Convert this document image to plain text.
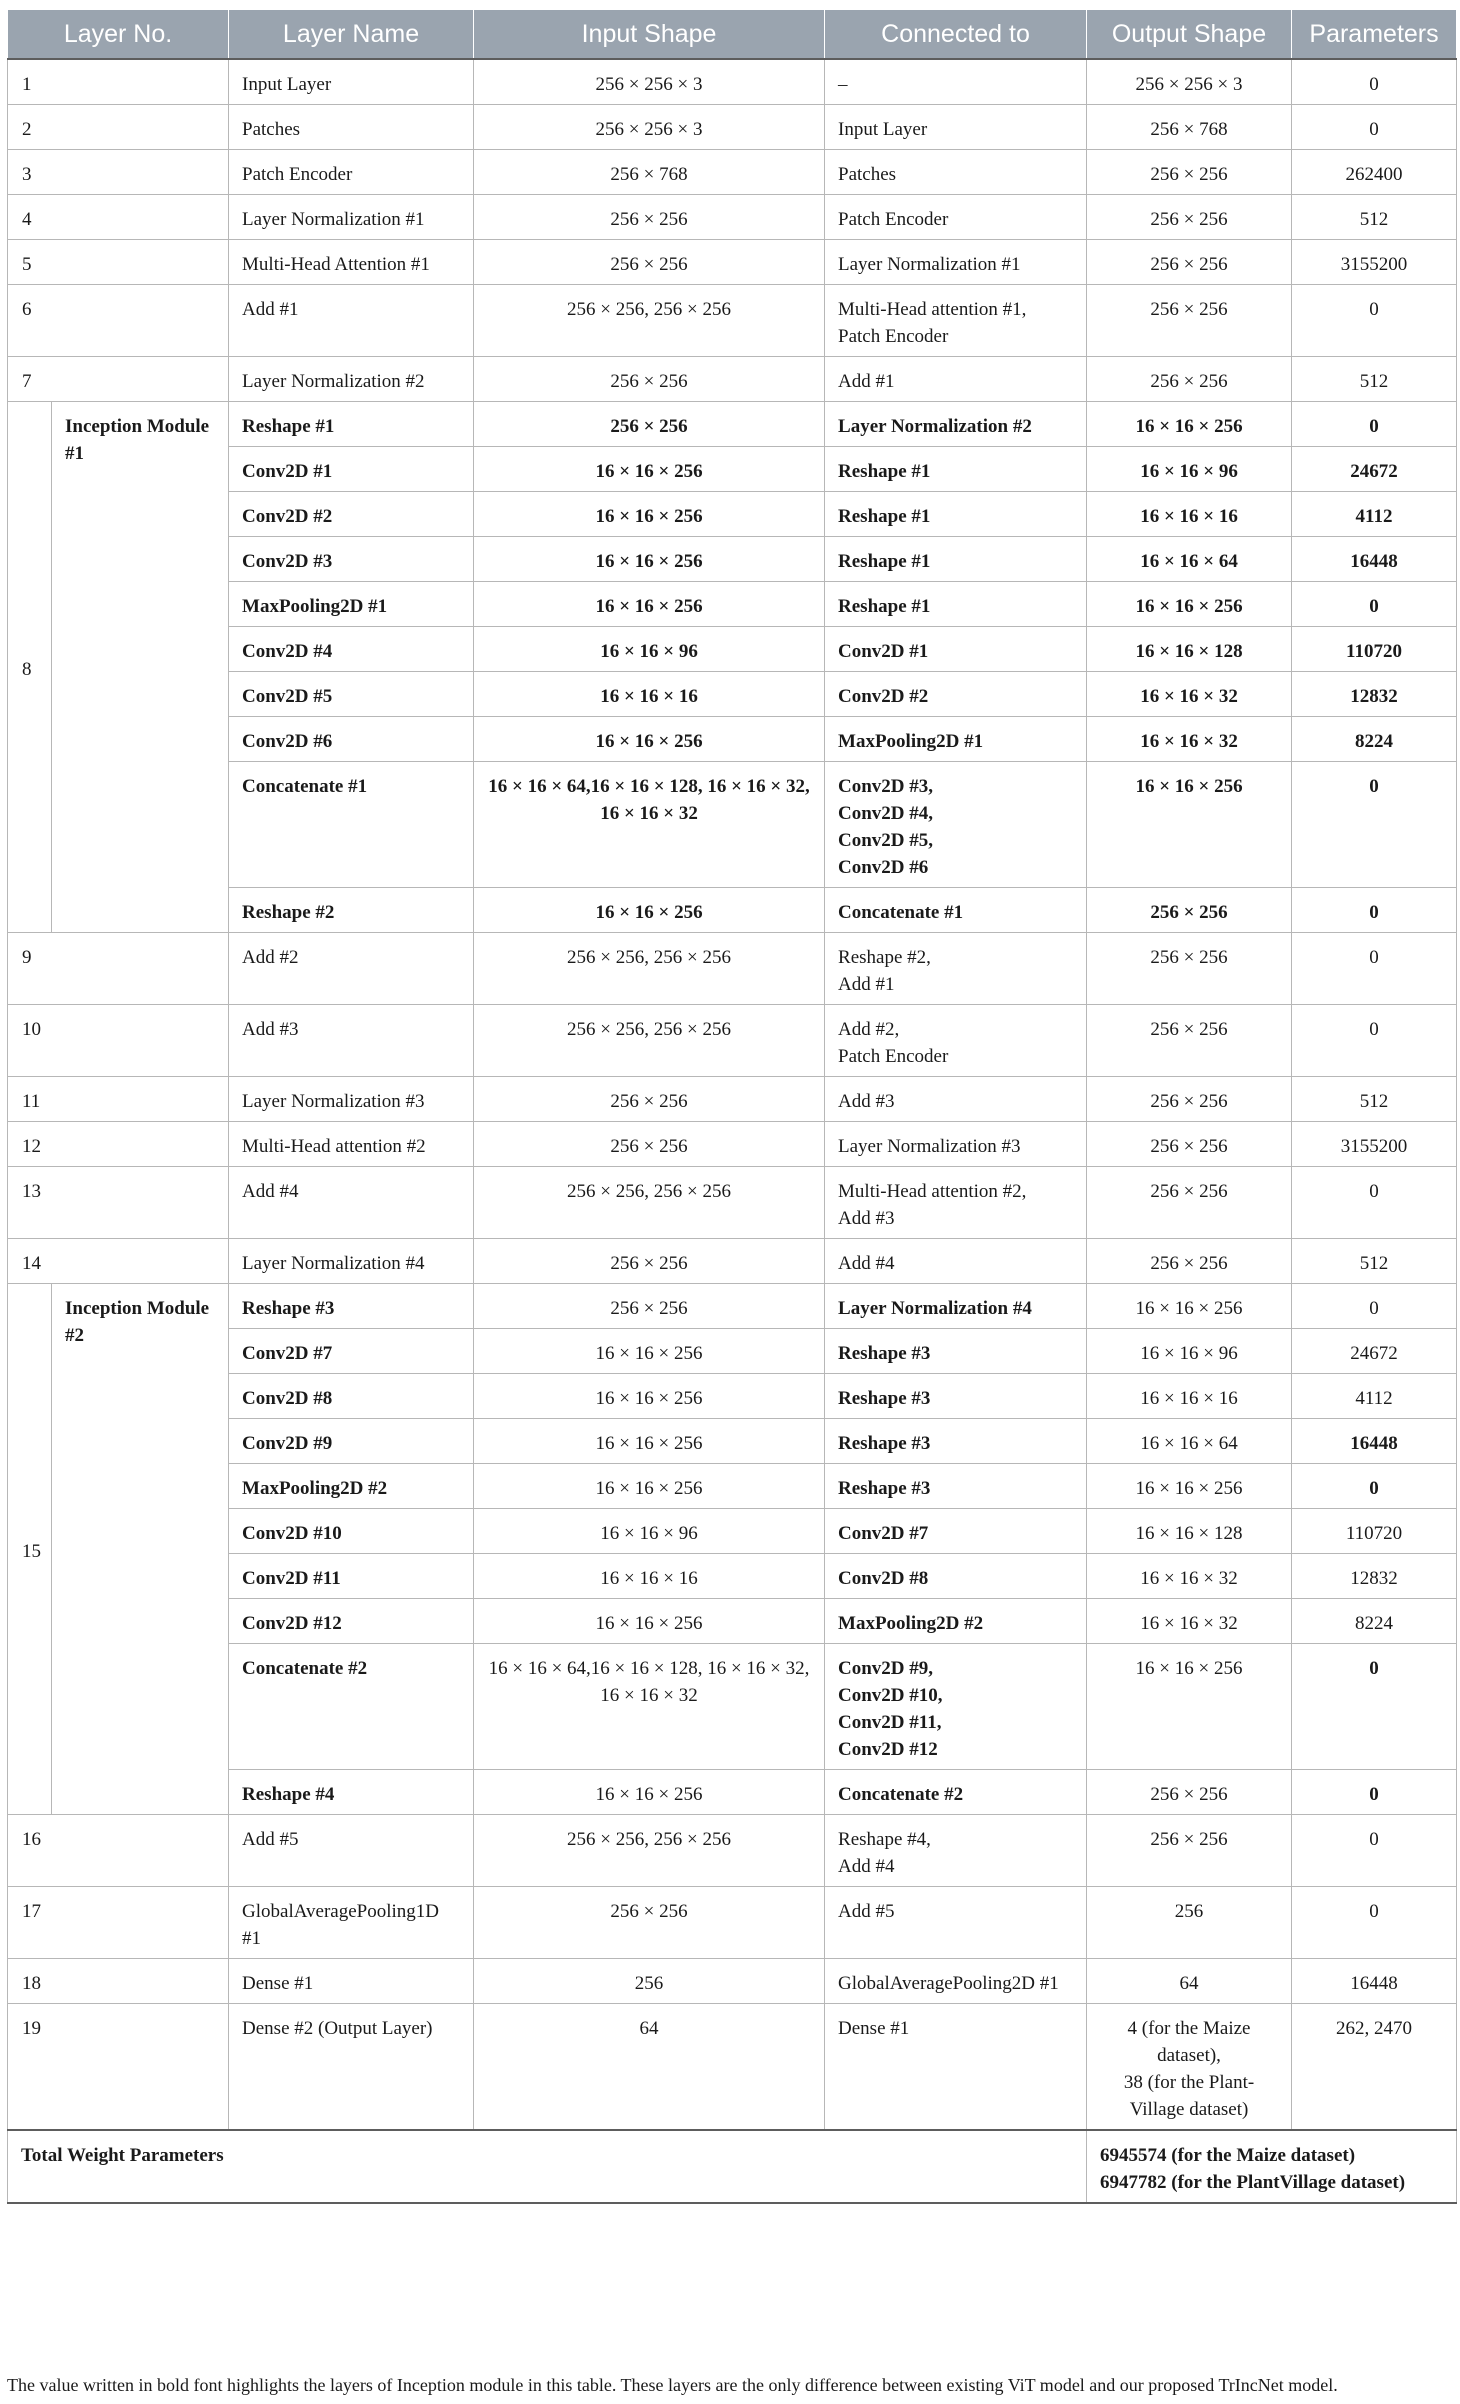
Layer No.		Layer Name	Input Shape	Connected to	Output Shape	Parameters
1		Input Layer	256 × 256 × 3	–	256 × 256 × 3	0
2		Patches	256 × 256 × 3	Input Layer	256 × 768	0
3		Patch Encoder	256 × 768	Patches	256 × 256	262400
4		Layer Normalization #1	256 × 256	Patch Encoder	256 × 256	512
5		Multi-Head Attention #1	256 × 256	Layer Normalization #1	256 × 256	3155200
6		Add #1	256 × 256, 256 × 256	Multi-Head attention #1,
Patch Encoder	256 × 256	0
7		Layer Normalization #2	256 × 256	Add #1	256 × 256	512
8	Inception Module #1	Reshape #1	256 × 256	Layer Normalization #2	16 × 16 × 256	0
		Conv2D #1	16 × 16 × 256	Reshape #1	16 × 16 × 96	24672
		Conv2D #2	16 × 16 × 256	Reshape #1	16 × 16 × 16	4112
		Conv2D #3	16 × 16 × 256	Reshape #1	16 × 16 × 64	16448
		MaxPooling2D #1	16 × 16 × 256	Reshape #1	16 × 16 × 256	0
		Conv2D #4	16 × 16 × 96	Conv2D #1	16 × 16 × 128	110720
		Conv2D #5	16 × 16 × 16	Conv2D #2	16 × 16 × 32	12832
		Conv2D #6	16 × 16 × 256	MaxPooling2D #1	16 × 16 × 32	8224
		Concatenate #1	16 × 16 × 64,16 × 16 × 128, 16 × 16 × 32, 16 × 16 × 32	Conv2D #3,
Conv2D #4,
Conv2D #5,
Conv2D #6	16 × 16 × 256	0
		Reshape #2	16 × 16 × 256	Concatenate #1	256 × 256	0
9		Add #2	256 × 256, 256 × 256	Reshape #2,
Add #1	256 × 256	0
10		Add #3	256 × 256, 256 × 256	Add #2,
Patch Encoder	256 × 256	0
11		Layer Normalization #3	256 × 256	Add #3	256 × 256	512
12		Multi-Head attention #2	256 × 256	Layer Normalization #3	256 × 256	3155200
13		Add #4	256 × 256, 256 × 256	Multi-Head attention #2,
Add #3	256 × 256	0
14		Layer Normalization #4	256 × 256	Add #4	256 × 256	512
15	Inception Module #2	Reshape #3	256 × 256	Layer Normalization #4	16 × 16 × 256	0
		Conv2D #7	16 × 16 × 256	Reshape #3	16 × 16 × 96	24672
		Conv2D #8	16 × 16 × 256	Reshape #3	16 × 16 × 16	4112
		Conv2D #9	16 × 16 × 256	Reshape #3	16 × 16 × 64	16448
		MaxPooling2D #2	16 × 16 × 256	Reshape #3	16 × 16 × 256	0
		Conv2D #10	16 × 16 × 96	Conv2D #7	16 × 16 × 128	110720
		Conv2D #11	16 × 16 × 16	Conv2D #8	16 × 16 × 32	12832
		Conv2D #12	16 × 16 × 256	MaxPooling2D #2	16 × 16 × 32	8224
		Concatenate #2	16 × 16 × 64,16 × 16 × 128, 16 × 16 × 32, 16 × 16 × 32	Conv2D #9,
Conv2D #10,
Conv2D #11,
Conv2D #12	16 × 16 × 256	0
		Reshape #4	16 × 16 × 256	Concatenate #2	256 × 256	0
16		Add #5	256 × 256, 256 × 256	Reshape #4,
Add #4	256 × 256	0
17		GlobalAveragePooling1D #1	256 × 256	Add #5	256	0
18		Dense #1	256	GlobalAveragePooling2D #1	64	16448
19		Dense #2 (Output Layer)	64	Dense #1	4 (for the Maize dataset),
38 (for the Plant-Village dataset)	262, 2470
Total Weight Parameters					6945574 (for the Maize dataset)
6947782 (for the PlantVillage dataset)	
The value written in bold font highlights the layers of Inception module in this table. These layers are the only difference between existing ViT model and our proposed TrIncNet model.
